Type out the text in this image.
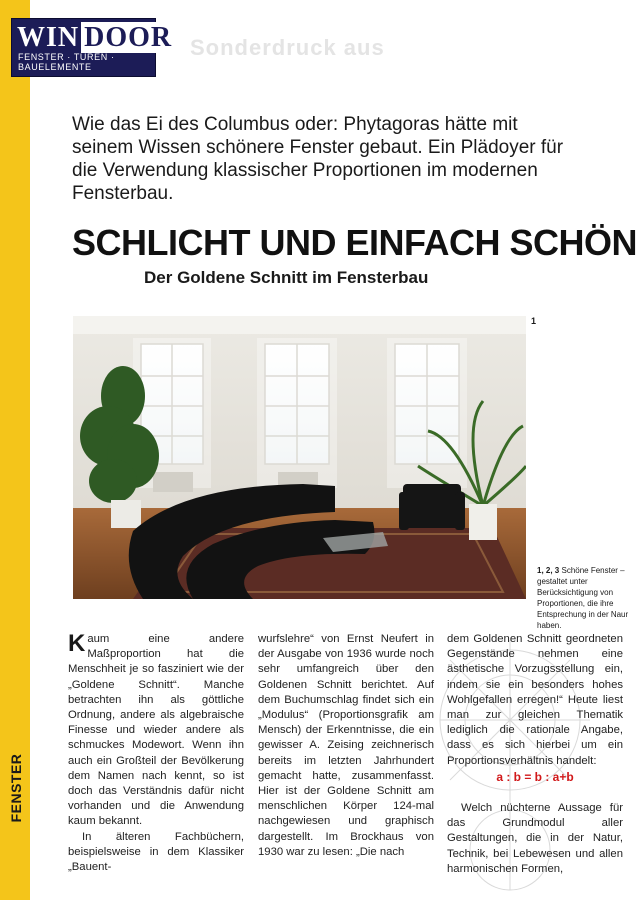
FENSTER
WIN DOOR
FENSTER · TÜREN · BAUELEMENTE
Sonderdruck aus
Wie das Ei des Columbus oder: Phytagoras hätte mit seinem Wissen schönere Fenster gebaut. Ein Plädoyer für die Verwendung klassischer Proportionen im modernen Fensterbau.
SCHLICHT UND EINFACH SCHÖN
Der Goldene Schnitt im Fensterbau
1
1, 2, 3 Schöne Fenster – gestaltet unter Berücksichtigung von Proportionen, die ihre Entsprechung in der Naur haben.

Kaum eine andere Maßproportion hat die Menschheit je so fasziniert wie der „Goldene Schnitt“. Manche betrachten ihn als göttliche Ordnung, andere als algebraische Finesse und wieder andere als schmuckes Modewort. Wenn ihn auch ein Großteil der Bevölkerung dem Namen nach kennt, so ist doch das Verständnis dafür nicht vorhanden und die Anwendung kaum bekannt.

In älteren Fachbüchern, beispielsweise in dem Klassiker „Bauent-

wurfslehre“ von Ernst Neufert in der Ausgabe von 1936 wurde noch sehr umfangreich über den Goldenen Schnitt berichtet. Auf dem Buchumschlag findet sich ein „Modulus“ (Proportionsgrafik am Mensch) der Erkenntnisse, die ein gewisser A. Zeising zeichnerisch bereits im letzten Jahrhundert gemacht hatte, zusammenfasst. Hier ist der Goldene Schnitt am menschlichen Körper 124-mal nachgewiesen und graphisch dargestellt. Im Brockhaus von 1930 war zu lesen: „Die nach

dem Goldenen Schnitt geordneten Gegenstände nehmen eine ästhetische Vorzugsstellung ein, indem sie ein besonders hohes Wohlgefallen erregen!“ Heute liest man zur gleichen Thematik lediglich die rationale Angabe, dass es sich hierbei um ein Proportionsverhältnis handelt:

a : b = b : a+b

Welch nüchterne Aussage für das Grundmodul aller Gestaltungen, die in der Natur, Technik, bei Lebewesen und allen harmonischen Formen,
